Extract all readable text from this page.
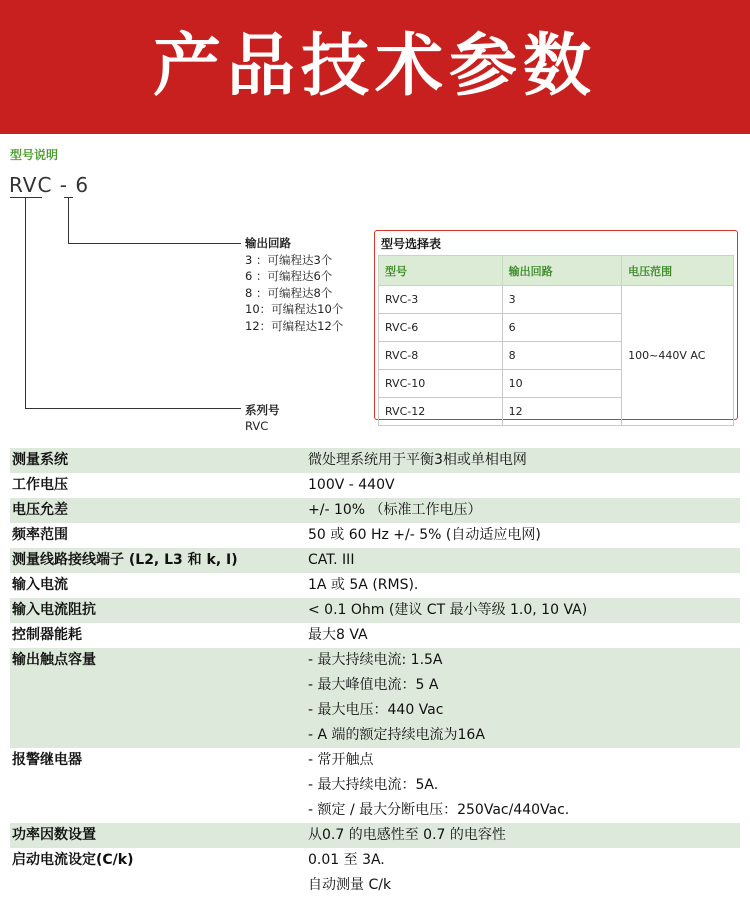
产品技术参数
型号说明
RVC - 6
输出回路
3 ：可编程达3个
6 ：可编程达6个
8 ：可编程达8个
10：可编程达10个
12：可编程达12个
系列号
RVC
型号选择表
型号	输出回路	电压范围
RVC-3	3	100~440V AC
RVC-6	6	
RVC-8	8	
RVC-10	10	
RVC-12	12	
测量系统	微处理系统用于平衡3相或单相电网
工作电压	100V - 440V
电压允差	+/- 10% （标准工作电压）
频率范围	50 或 60 Hz +/- 5% (自动适应电网)
测量线路接线端子 (L2, L3 和 k, I)	CAT. III
输入电流	1A 或 5A (RMS).
输入电流阻抗	< 0.1 Ohm (建议 CT 最小等级 1.0, 10 VA)
控制器能耗	最大8 VA
输出触点容量	- 最大持续电流: 1.5A
- 最大峰值电流：5 A
- 最大电压：440 Vac
- A 端的额定持续电流为16A
报警继电器	- 常开触点
- 最大持续电流：5A.
- 额定 / 最大分断电压：250Vac/440Vac.
功率因数设置	从0.7 的电感性至 0.7 的电容性
启动电流设定(C/k)	0.01 至 3A.
自动测量 C/k
